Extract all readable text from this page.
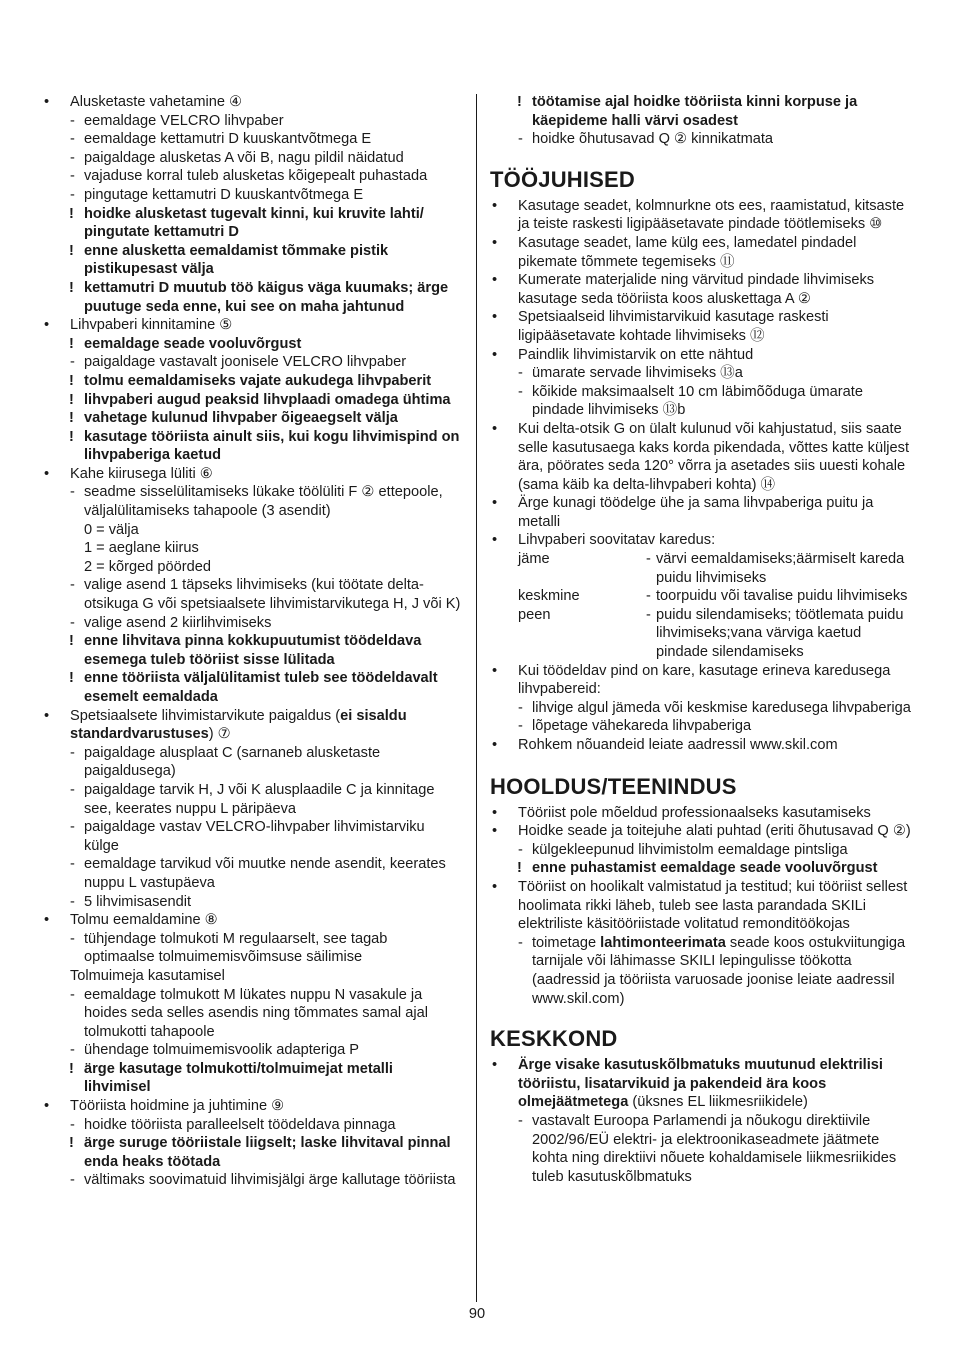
• Alusketaste vahetamine ④
- eemaldage VELCRO lihvpaber
- eemaldage kettamutri D kuuskantvõtmega E
- paigaldage alusketas A või B, nagu pildil näidatud
- vajaduse korral tuleb alusketas kõigepealt puhastada
- pingutage kettamutri D kuuskantvõtmega E
! hoidke alusketast tugevalt kinni, kui kruvite lahti/ pingutate kettamutri D
! enne alusketta eemaldamist tõmmake pistik pistikupesast välja
! kettamutri D muutub töö käigus väga kuumaks; ärge puutuge seda enne, kui see on maha jahtunud
• Lihvpaberi kinnitamine ⑤
! eemaldage seade vooluvõrgust
- paigaldage vastavalt joonisele VELCRO lihvpaber
! tolmu eemaldamiseks vajate aukudega lihvpaberit
! lihvpaberi augud peaksid lihvplaadi omadega ühtima
! vahetage kulunud lihvpaber õigeaegselt välja
! kasutage tööriista ainult siis, kui kogu lihvimispind on lihvpaberiga kaetud
• Kahe kiirusega lüliti ⑥
- seadme sisselülitamiseks lükake töölüliti F ② ettepoole, väljalülitamiseks tahapoole (3 asendit)
0 = välja
1 = aeglane kiirus
2 = kõrged pöörded
- valige asend 1 täpseks lihvimiseks (kui töötate delta-otsikuga G või spetsiaalsete lihvimistarvikutega H, J või K)
- valige asend 2 kiirlihvimiseks
! enne lihvitava pinna kokkupuutumist töödeldava esemega tuleb tööriist sisse lülitada
! enne tööriista väljalülitamist tuleb see töödeldavalt esemelt eemaldada
• Spetsiaalsete lihvimistarvikute paigaldus (ei sisaldu standardvarustuses) ⑦
- paigaldage alusplaat C (sarnaneb alusketaste paigaldusega)
- paigaldage tarvik H, J või K alusplaadile C ja kinnitage see, keerates nuppu L päripäeva
- paigaldage vastav VELCRO-lihvpaber lihvimistarviku külge
- eemaldage tarvikud või muutke nende asendit, keerates nuppu L vastupäeva
- 5 lihvimisasendit
• Tolmu eemaldamine ⑧
- tühjendage tolmukoti M regulaarselt, see tagab optimaalse tolmuimemisvõimsuse säilimise
Tolmuimeja kasutamisel
- eemaldage tolmukott M lükates nuppu N vasakule ja hoides seda selles asendis ning tõmmates samal ajal tolmukotti tahapoole
- ühendage tolmuimemisvoolik adapteriga P
! ärge kasutage tolmukotti/tolmuimejat metalli lihvimisel
• Tööriista hoidmine ja juhtimine ⑨
- hoidke tööriista paralleelselt töödeldava pinnaga
! ärge suruge tööriistale liigselt; laske lihvitaval pinnal enda heaks töötada
- vältimaks soovimatuid lihvimisjälgi ärge kallutage tööriista
! töötamise ajal hoidke tööriista kinni korpuse ja käepideme halli värvi osadest
- hoidke õhutusavad Q ② kinnikatmata
TÖÖJUHISED
• Kasutage seadet, kolmnurkne ots ees, raamistatud, kitsaste ja teiste raskesti ligipääsetavate pindade töötlemiseks ⑩
• Kasutage seadet, lame külg ees, lamedatel pindadel pikemate tõmmete tegemiseks ⑪
• Kumerate materjalide ning värvitud pindade lihvimiseks kasutage seda tööriista koos aluskettaga A ②
• Spetsiaalseid lihvimistarvikuid kasutage raskesti ligipääsetavate kohtade lihvimiseks ⑫
• Paindlik lihvimistarvik on ette nähtud
- ümarate servade lihvimiseks ⑬a
- kõikide maksimaalselt 10 cm läbimõõduga ümarate pindade lihvimiseks ⑬b
• Kui delta-otsik G on ülalt kulunud või kahjustatud, siis saate selle kasutusaega kaks korda pikendada, võttes katte küljest ära, pöörates seda 120° võrra ja asetades siis uuesti kohale (sama käib ka delta-lihvpaberi kohta) ⑭
• Ärge kunagi töödelge ühe ja sama lihvpaberiga puitu ja metalli
• Lihvpaberi soovitatav karedus:
jäme	- värvi eemaldamiseks;äärmiselt kareda puidu lihvimiseks
keskmine	- toorpuidu või tavalise puidu lihvimiseks
peen	- puidu silendamiseks; töötlemata puidu lihvimiseks;vana värviga kaetud pindade silendamiseks
• Kui töödeldav pind on kare, kasutage erineva karedusega lihvpabereid:
- lihvige algul jämeda või keskmise karedusega lihvpaberiga
- lõpetage vähekareda lihvpaberiga
• Rohkem nõuandeid leiate aadressil www.skil.com
HOOLDUS/TEENINDUS
• Tööriist pole mõeldud professionaalseks kasutamiseks
• Hoidke seade ja toitejuhe alati puhtad (eriti õhutusavad Q ②)
- külgekleepunud lihvimistolm eemaldage pintsliga
! enne puhastamist eemaldage seade vooluvõrgust
• Tööriist on hoolikalt valmistatud ja testitud; kui tööriist sellest hoolimata rikki läheb, tuleb see lasta parandada SKILi elektriliste käsitööriistade volitatud remonditöökojas
- toimetage lahtimonteerimata seade koos ostukviitungiga tarnijale või lähimasse SKILI lepingulisse töökotta (aadressid ja tööriista varuosade joonise leiate aadressil www.skil.com)
KESKKOND
• Ärge visake kasutuskõlbmatuks muutunud elektrilisi tööriistu, lisatarvikuid ja pakendeid ära koos olmejäätmetega (üksnes EL liikmesriikidele)
- vastavalt Euroopa Parlamendi ja nõukogu direktiivile 2002/96/EÜ elektri- ja elektroonikaseadmete jäätmete kohta ning direktiivi nõuete kohaldamisele liikmesriikides tuleb kasutuskõlbmatuks
90
